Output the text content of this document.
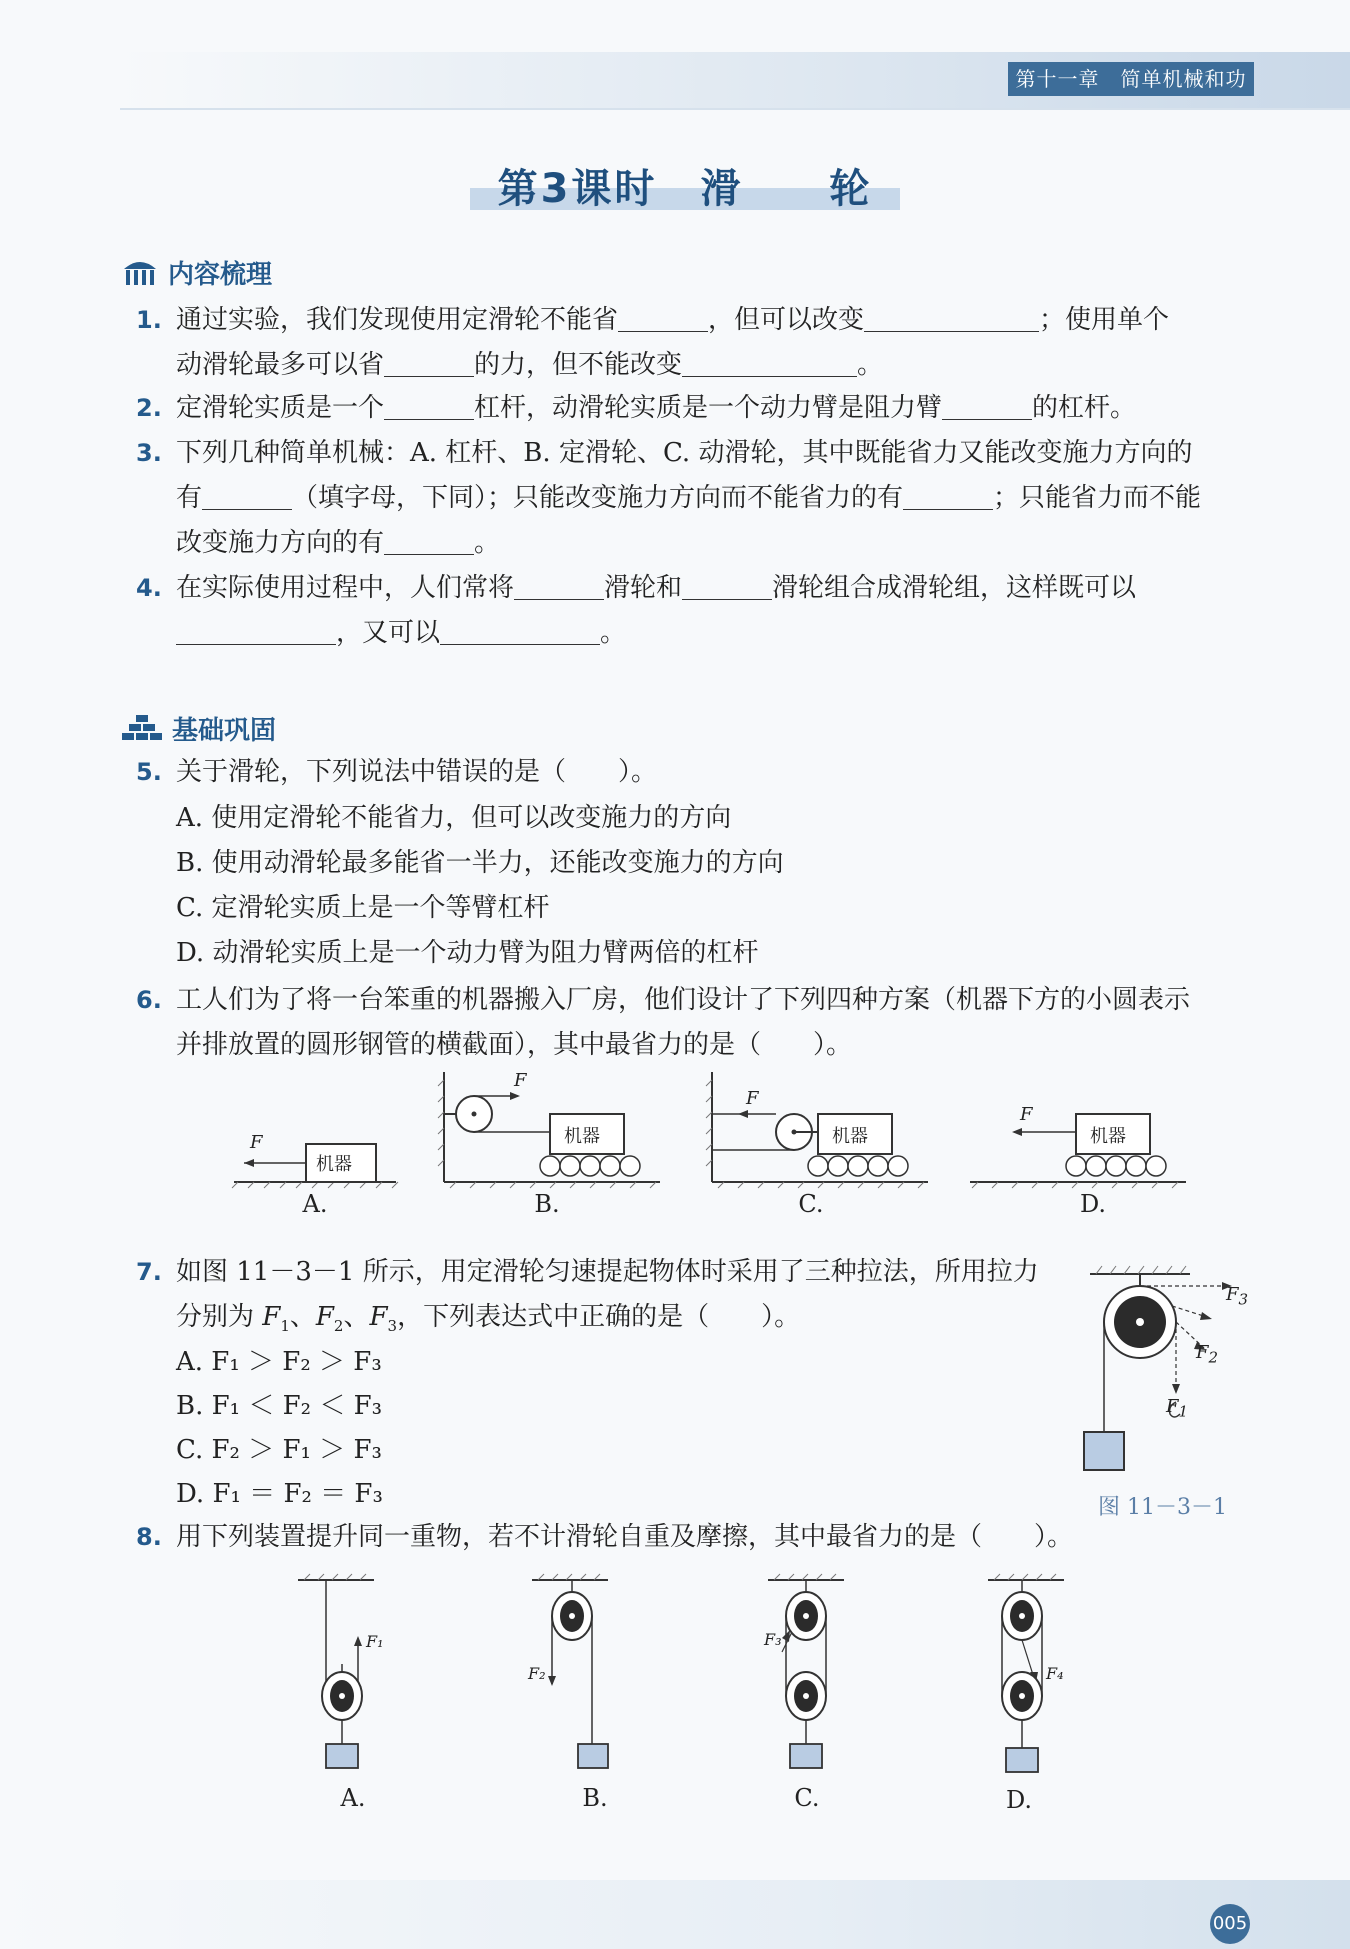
第十一章　简单机械和功
第3课时　滑　　轮
内容梳理
1. 通过实验，我们发现使用定滑轮不能省	，但可以改变	；使用单个
动滑轮最多可以省	的力，但不能改变	。
2. 定滑轮实质是一个	杠杆，动滑轮实质是一个动力臂是阻力臂	的杠杆。
3. 下列几种简单机械：A. 杠杆、B. 定滑轮、C. 动滑轮，其中既能省力又能改变施力方向的
有	（填字母，下同）；只能改变施力方向而不能省力的有	；只能省力而不能
改变施力方向的有	。
4. 在实际使用过程中，人们常将	滑轮和	滑轮组合成滑轮组，这样既可以
，又可以	。
基础巩固
5. 关于滑轮，下列说法中错误的是（　　）。
A. 使用定滑轮不能省力，但可以改变施力的方向
B. 使用动滑轮最多能省一半力，还能改变施力的方向
C. 定滑轮实质上是一个等臂杠杆
D. 动滑轮实质上是一个动力臂为阻力臂两倍的杠杆
6. 工人们为了将一台笨重的机器搬入厂房，他们设计了下列四种方案（机器下方的小圆表示
并排放置的圆形钢管的横截面），其中最省力的是（　　）。
F
机器
A.
F
机器
B.
F
机器
C.
F
机器
D.
7. 如图 11－3－1 所示，用定滑轮匀速提起物体时采用了三种拉法，所用拉力
分别为 $F_1$、$F_2$、$F_3$，下列表达式中正确的是（　　）。
A. F₁ ＞ F₂ ＞ F₃
B. F₁ ＜ F₂ ＜ F₃
C. F₂ ＞ F₁ ＞ F₃
D. F₁ ＝ F₂ ＝ F₃
$F_3$
$F_2$
$F_1$
图 11－3－1
8. 用下列装置提升同一重物，若不计滑轮自重及摩擦，其中最省力的是（　　）。
F₁
A.
F₂
B.
F₃
C.
F₄
D.
005
